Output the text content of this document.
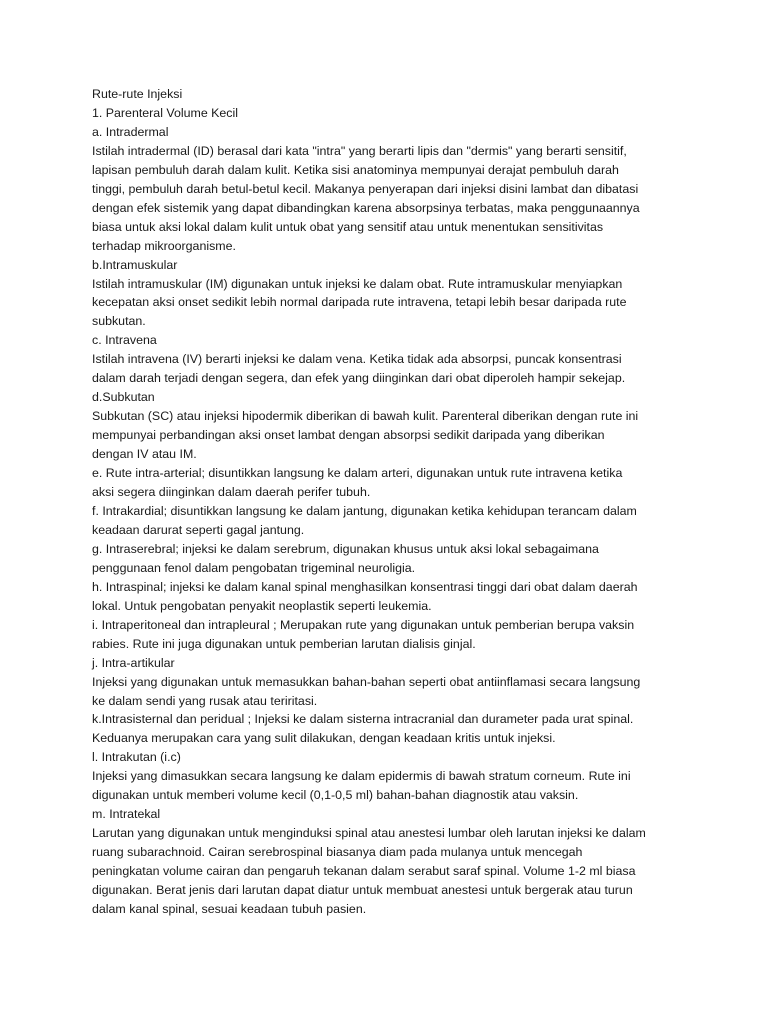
Rute-rute Injeksi
1. Parenteral Volume Kecil
a. Intradermal
Istilah intradermal (ID) berasal dari kata "intra" yang berarti lipis dan "dermis" yang berarti sensitif,
lapisan pembuluh darah dalam kulit. Ketika sisi anatominya mempunyai derajat pembuluh darah
tinggi, pembuluh darah betul-betul kecil. Makanya penyerapan dari injeksi disini lambat dan dibatasi
dengan efek sistemik yang dapat dibandingkan karena absorpsinya terbatas, maka penggunaannya
biasa untuk aksi lokal dalam kulit untuk obat yang sensitif atau untuk menentukan sensitivitas
terhadap mikroorganisme.
b.Intramuskular
Istilah intramuskular (IM) digunakan untuk injeksi ke dalam obat. Rute intramuskular menyiapkan
kecepatan aksi onset sedikit lebih normal daripada rute intravena, tetapi lebih besar daripada rute
subkutan.
c. Intravena
Istilah intravena (IV) berarti injeksi ke dalam vena. Ketika tidak ada absorpsi, puncak konsentrasi
dalam darah terjadi dengan segera, dan efek yang diinginkan dari obat diperoleh hampir sekejap.
d.Subkutan
Subkutan (SC) atau injeksi hipodermik diberikan di bawah kulit. Parenteral diberikan dengan rute ini
mempunyai perbandingan aksi onset lambat dengan absorpsi sedikit daripada yang diberikan
dengan IV atau IM.
e. Rute intra-arterial; disuntikkan langsung ke dalam arteri, digunakan untuk rute intravena ketika
aksi segera diinginkan dalam daerah perifer tubuh.
f. Intrakardial; disuntikkan langsung ke dalam jantung, digunakan ketika kehidupan terancam dalam
keadaan darurat seperti gagal jantung.
g. Intraserebral; injeksi ke dalam serebrum, digunakan khusus untuk aksi lokal sebagaimana
penggunaan fenol dalam pengobatan trigeminal neuroligia.
h. Intraspinal; injeksi ke dalam kanal spinal menghasilkan konsentrasi tinggi dari obat dalam daerah
lokal. Untuk pengobatan penyakit neoplastik seperti leukemia.
i. Intraperitoneal dan intrapleural ; Merupakan rute yang digunakan untuk pemberian berupa vaksin
rabies. Rute ini juga digunakan untuk pemberian larutan dialisis ginjal.
j. Intra-artikular
Injeksi yang digunakan untuk memasukkan bahan-bahan seperti obat antiinflamasi secara langsung
ke dalam sendi yang rusak atau teriritasi.
k.Intrasisternal dan peridual ; Injeksi ke dalam sisterna intracranial dan durameter pada urat spinal.
Keduanya merupakan cara yang sulit dilakukan, dengan keadaan kritis untuk injeksi.
l. Intrakutan (i.c)
Injeksi yang dimasukkan secara langsung ke dalam epidermis di bawah stratum corneum. Rute ini
digunakan untuk memberi volume kecil (0,1-0,5 ml) bahan-bahan diagnostik atau vaksin.
m. Intratekal
Larutan yang digunakan untuk menginduksi spinal atau anestesi lumbar oleh larutan injeksi ke dalam
ruang subarachnoid. Cairan serebrospinal biasanya diam pada mulanya untuk mencegah
peningkatan volume cairan dan pengaruh tekanan dalam serabut saraf spinal. Volume 1-2 ml biasa
digunakan. Berat jenis dari larutan dapat diatur untuk membuat anestesi untuk bergerak atau turun
dalam kanal spinal, sesuai keadaan tubuh pasien.
